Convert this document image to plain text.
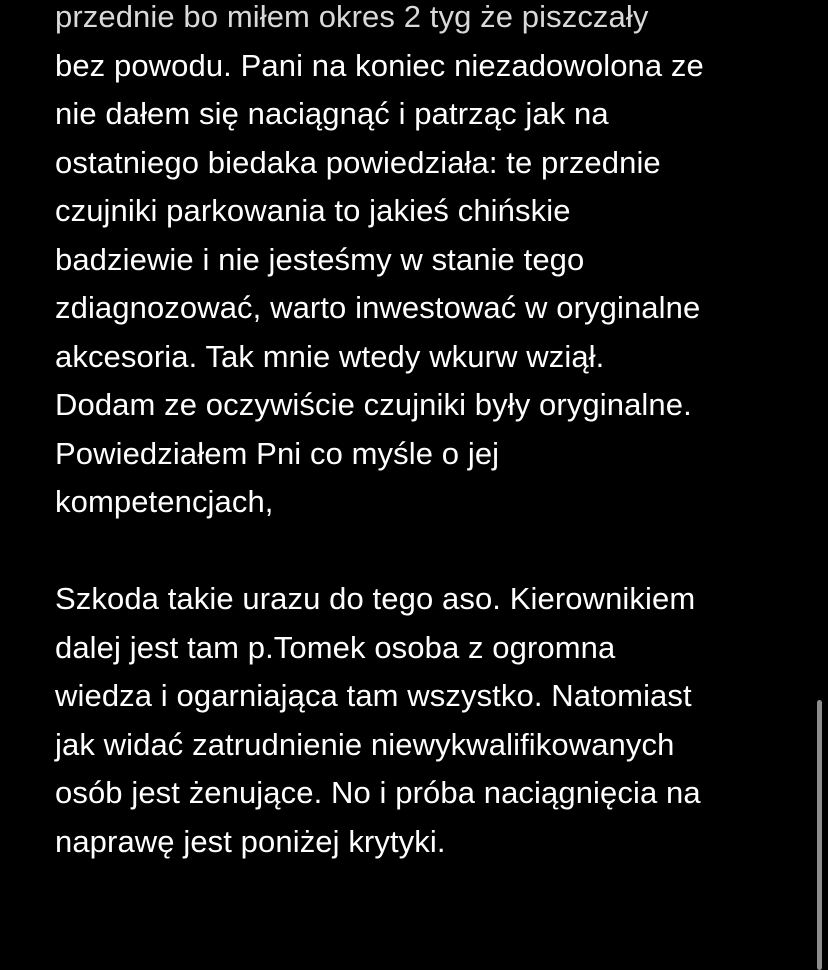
przednie bo miłem okres 2 tyg że piszczały
bez powodu. Pani na koniec niezadowolona ze
nie dałem się naciągnąć i patrząc jak na
ostatniego biedaka powiedziała: te przednie
czujniki parkowania to jakieś chińskie
badziewie i nie jesteśmy w stanie tego
zdiagnozować, warto inwestować w oryginalne
akcesoria. Tak mnie wtedy wkurw wziął.
Dodam ze oczywiście czujniki były oryginalne.
Powiedziałem Pni co myśle o jej
kompetencjach,
Szkoda takie urazu do tego aso. Kierownikiem
dalej jest tam p.Tomek osoba z ogromna
wiedza i ogarniająca tam wszystko. Natomiast
jak widać zatrudnienie niewykwalifikowanych
osób jest żenujące. No i próba naciągnięcia na
naprawę jest poniżej krytyki.
